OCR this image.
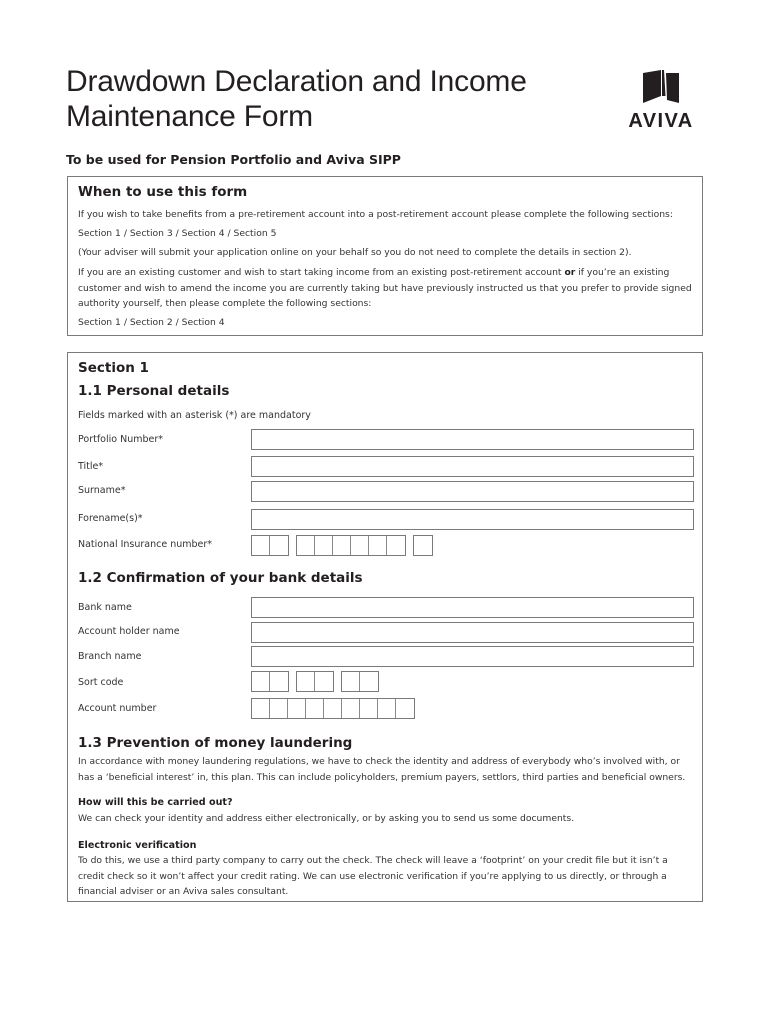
Drawdown Declaration and Income
Maintenance Form	AVIVA
To be used for Pension Portfolio and Aviva SIPP
When to use this form
If you wish to take benefits from a pre-retirement account into a post-retirement account please complete the following sections:
Section 1 / Section 3 / Section 4 / Section 5
(Your adviser will submit your application online on your behalf so you do not need to complete the details in section 2).
If you are an existing customer and wish to start taking income from an existing post-retirement account or if you’re an existing customer and wish to amend the income you are currently taking but have previously instructed us that you prefer to provide signed authority yourself, then please complete the following sections:
Section 1 / Section 2 / Section 4
Section 1
1.1 Personal details
Fields marked with an asterisk (*) are mandatory
Portfolio Number*
Title*
Surname*
Forename(s)*
National Insurance number*
1.2 Confirmation of your bank details
Bank name
Account holder name
Branch name
Sort code
Account number
1.3 Prevention of money laundering
In accordance with money laundering regulations, we have to check the identity and address of everybody who’s involved with, or has a ‘beneficial interest’ in, this plan. This can include policyholders, premium payers, settlors, third parties and beneficial owners.
How will this be carried out?
We can check your identity and address either electronically, or by asking you to send us some documents.
Electronic verification
To do this, we use a third party company to carry out the check. The check will leave a ‘footprint’ on your credit file but it isn’t a credit check so it won’t affect your credit rating. We can use electronic verification if you’re applying to us directly, or through a financial adviser or an Aviva sales consultant.
